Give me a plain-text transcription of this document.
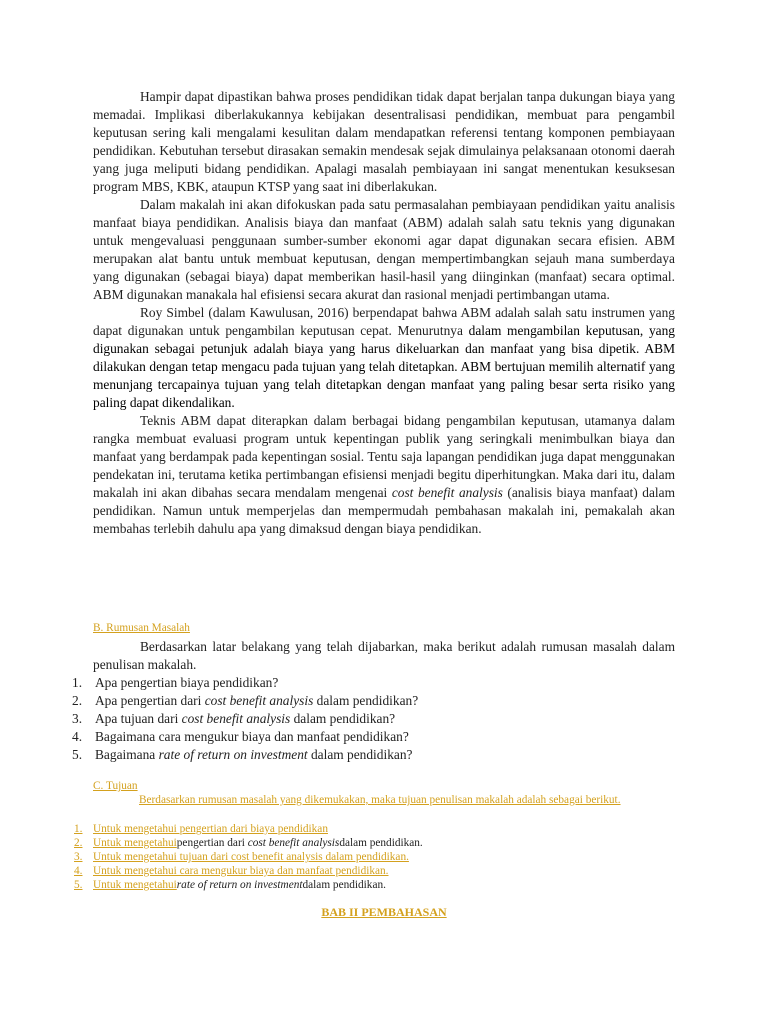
Hampir dapat dipastikan bahwa proses pendidikan tidak dapat berjalan tanpa dukungan biaya yang memadai. Implikasi diberlakukannya kebijakan desentralisasi pendidikan, membuat para pengambil keputusan sering kali mengalami kesulitan dalam mendapatkan referensi tentang komponen pembiayaan pendidikan. Kebutuhan tersebut dirasakan semakin mendesak sejak dimulainya pelaksanaan otonomi daerah yang juga meliputi bidang pendidikan. Apalagi masalah pembiayaan ini sangat menentukan kesuksesan program MBS, KBK, ataupun KTSP yang saat ini diberlakukan.

Dalam makalah ini akan difokuskan pada satu permasalahan pembiayaan pendidikan yaitu analisis manfaat biaya pendidikan. Analisis biaya dan manfaat (ABM) adalah salah satu teknis yang digunakan untuk mengevaluasi penggunaan sumber-sumber ekonomi agar dapat digunakan secara efisien. ABM merupakan alat bantu untuk membuat keputusan, dengan mempertimbangkan sejauh mana sumberdaya yang digunakan (sebagai biaya) dapat memberikan hasil-hasil yang diinginkan (manfaat) secara optimal. ABM digunakan manakala hal efisiensi secara akurat dan rasional menjadi pertimbangan utama.

Roy Simbel (dalam Kawulusan, 2016) berpendapat bahwa ABM adalah salah satu instrumen yang dapat digunakan untuk pengambilan keputusan cepat. Menurutnya dalam mengambilan keputusan, yang digunakan sebagai petunjuk adalah biaya yang harus dikeluarkan dan manfaat yang bisa dipetik. ABM dilakukan dengan tetap mengacu pada tujuan yang telah ditetapkan. ABM bertujuan memilih alternatif yang menunjang tercapainya tujuan yang telah ditetapkan dengan manfaat yang paling besar serta risiko yang paling dapat dikendalikan.

Teknis ABM dapat diterapkan dalam berbagai bidang pengambilan keputusan, utamanya dalam rangka membuat evaluasi program untuk kepentingan publik yang seringkali menimbulkan biaya dan manfaat yang berdampak pada kepentingan sosial. Tentu saja lapangan pendidikan juga dapat menggunakan pendekatan ini, terutama ketika pertimbangan efisiensi menjadi begitu diperhitungkan. Maka dari itu, dalam makalah ini akan dibahas secara mendalam mengenai cost benefit analysis (analisis biaya manfaat) dalam pendidikan. Namun untuk memperjelas dan mempermudah pembahasan makalah ini, pemakalah akan membahas terlebih dahulu apa yang dimaksud dengan biaya pendidikan.

B. Rumusan Masalah

Berdasarkan latar belakang yang telah dijabarkan, maka berikut adalah rumusan masalah dalam penulisan makalah.

1. Apa pengertian biaya pendidikan?
2. Apa pengertian dari cost benefit analysis dalam pendidikan?
3. Apa tujuan dari cost benefit analysis dalam pendidikan?
4. Bagaimana cara mengukur biaya dan manfaat pendidikan?
5. Bagaimana rate of return on investment dalam pendidikan?
C. Tujuan

Berdasarkan rumusan masalah yang dikemukakan, maka tujuan penulisan makalah adalah sebagai berikut.

1. Untuk mengetahui pengertian dari biaya pendidikan
2. Untuk mengetahui pengertian dari
cost benefit analysis dalam pendidikan.
3. Untuk mengetahui tujuan dari cost benefit analysis dalam pendidikan.
4. Untuk mengetahui cara mengukur biaya dan manfaat pendidikan.
5. Untuk mengetahui rate of return on investment dalam pendidikan.
BAB II PEMBAHASAN
